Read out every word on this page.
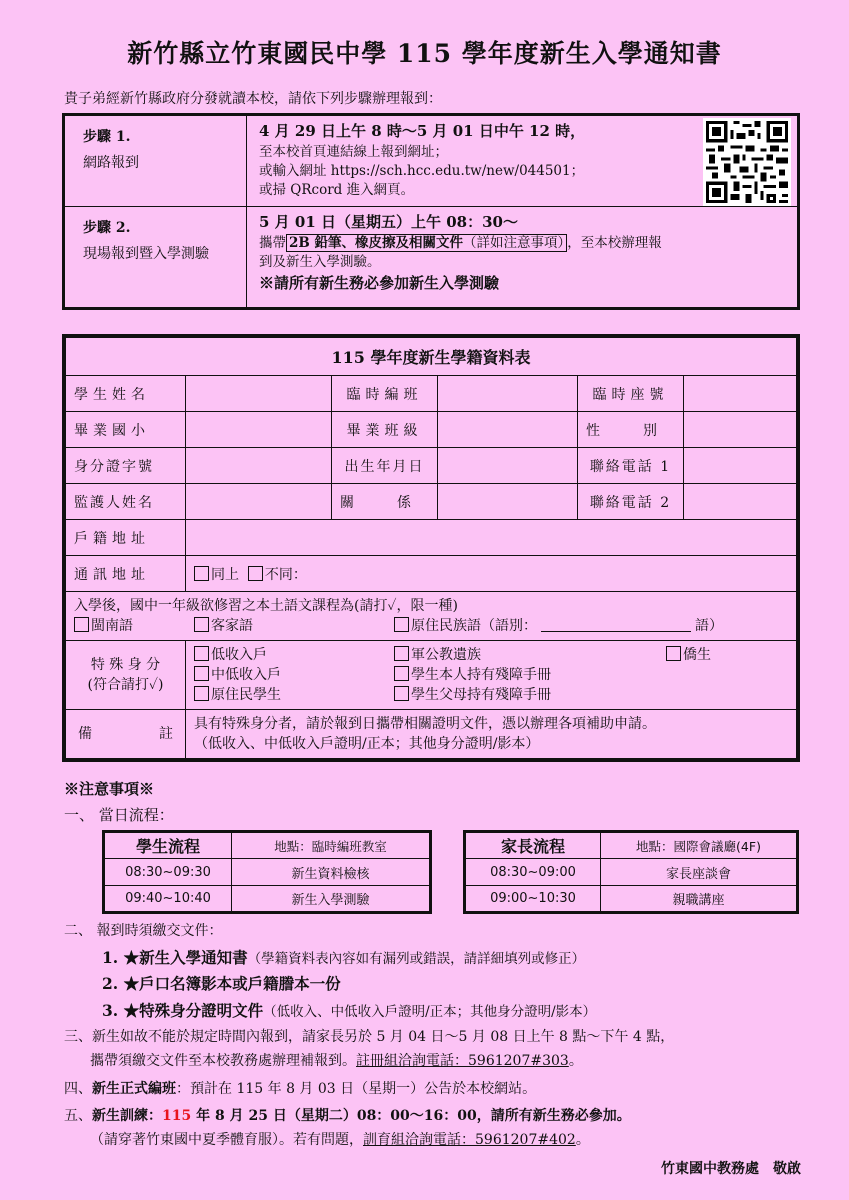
新竹縣立竹東國民中學 115 學年度新生入學通知書
貴子弟經新竹縣政府分發就讀本校，請依下列步驟辦理報到：
步驟 1.
網路報到
4 月 29 日上午 8 時～5 月 01 日中午 12 時，
至本校首頁連結線上報到網址；
或輸入網址 https://sch.hcc.edu.tw/new/044501；
或掃 QRcord 進入網頁。
步驟 2.
現場報到暨入學測驗
5 月 01 日（星期五）上午 08：30～
攜帶 2B 鉛筆、橡皮擦及相關文件（詳如注意事項） ，至本校辦理報
到及新生入學測驗。
※請所有新生務必參加新生入學測驗
115 學年度新生學籍資料表					
學生姓名		臨時編班		臨時座號	
畢業國小		畢業班級		性　　別	
身分證字號		出生年月日		聯絡電話 1	
監護人姓名		關　　係		聯絡電話 2	
戶籍地址					
通訊地址	同上 不同：				

入學後，國中一年級欲修習之本土語文課程為(請打✓，限一種)
閩南語 客家語 原住民族語（語別： 語）					

特 殊 身 分
(符合請打✓)

低收入戶	軍公教遺族	僑生
中低收入戶	學生本人持有殘障手冊
原住民學生	學生父母持有殘障手冊

備	註

具有特殊身分者，請於報到日攜帶相關證明文件，憑以辦理各項補助申請。
（低收入、中低收入戶證明/正本；其他身分證明/影本）
※注意事項※
一、 當日流程：
學生流程	地點：臨時編班教室
08:30~09:30	新生資料檢核
09:40~10:40	新生入學測驗
家長流程	地點：國際會議廳(4F)
08:30~09:00	家長座談會
09:00~10:30	親職講座
二、 報到時須繳交文件：
1. ★新生入學通知書（學籍資料表內容如有漏列或錯誤，請詳細填列或修正）
2. ★戶口名簿影本或戶籍謄本一份
3. ★特殊身分證明文件（低收入、中低收入戶證明/正本；其他身分證明/影本）
三、新生如故不能於規定時間內報到，請家長另於 5 月 04 日～5 月 08 日上午 8 點～下午 4 點，
攜帶須繳交文件至本校教務處辦理補報到。註冊組洽詢電話：5961207#303。
四、新生正式編班：預計在 115 年 8 月 03 日（星期一）公告於本校網站。
五、新生訓練：115 年 8 月 25 日（星期二）08：00～16：00，請所有新生務必參加。
（請穿著竹東國中夏季體育服）。若有問題，訓育組洽詢電話：5961207#402。
竹東國中教務處　敬啟
